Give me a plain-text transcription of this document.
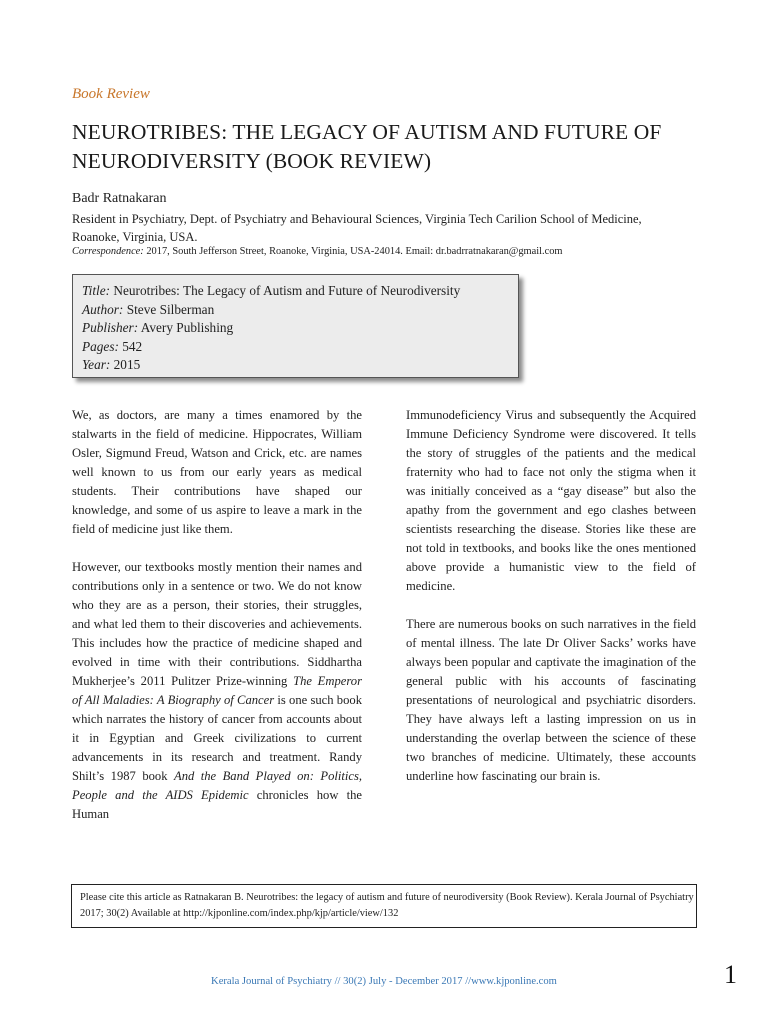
Book Review
NEUROTRIBES: THE LEGACY OF AUTISM AND FUTURE OF NEURODIVERSITY (BOOK REVIEW)
Badr Ratnakaran
Resident in Psychiatry, Dept. of Psychiatry and Behavioural Sciences, Virginia Tech Carilion School of Medicine, Roanoke, Virginia, USA.
Correspondence: 2017, South Jefferson Street, Roanoke, Virginia, USA-24014. Email: dr.badrratnakaran@gmail.com
Title: Neurotribes: The Legacy of Autism and Future of Neurodiversity
Author: Steve Silberman
Publisher: Avery Publishing
Pages: 542
Year: 2015

We, as doctors, are many a times enamored by the stalwarts in the field of medicine. Hippocrates, William Osler, Sigmund Freud, Watson and Crick, etc. are names well known to us from our early years as medical students. Their contributions have shaped our knowledge, and some of us aspire to leave a mark in the field of medicine just like them.

However, our textbooks mostly mention their names and contributions only in a sentence or two. We do not know who they are as a person, their stories, their struggles, and what led them to their discoveries and achievements. This includes how the practice of medicine shaped and evolved in time with their contributions. Siddhartha Mukherjee’s 2011 Pulitzer Prize-winning The Emperor of All Maladies: A Biography of Cancer is one such book which narrates the history of cancer from accounts about it in Egyptian and Greek civilizations to current advancements in its research and treatment. Randy Shilt’s 1987 book And the Band Played on: Politics, People and the AIDS Epidemic chronicles how the Human

Immunodeficiency Virus and subsequently the Acquired Immune Deficiency Syndrome were discovered. It tells the story of struggles of the patients and the medical fraternity who had to face not only the stigma when it was initially conceived as a “gay disease” but also the apathy from the government and ego clashes between scientists researching the disease. Stories like these are not told in textbooks, and books like the ones mentioned above provide a humanistic view to the field of medicine.

There are numerous books on such narratives in the field of mental illness. The late Dr Oliver Sacks’ works have always been popular and captivate the imagination of the general public with his accounts of fascinating presentations of neurological and psychiatric disorders. They have always left a lasting impression on us in understanding the overlap between the science of these two branches of medicine. Ultimately, these accounts underline how fascinating our brain is.

Please cite this article as Ratnakaran B. Neurotribes: the legacy of autism and future of neurodiversity (Book Review). Kerala Journal of Psychiatry 2017; 30(2) Available at http://kjponline.com/index.php/kjp/article/view/132
Kerala Journal of Psychiatry // 30(2) July - December 2017 //www.kjponline.com	1
